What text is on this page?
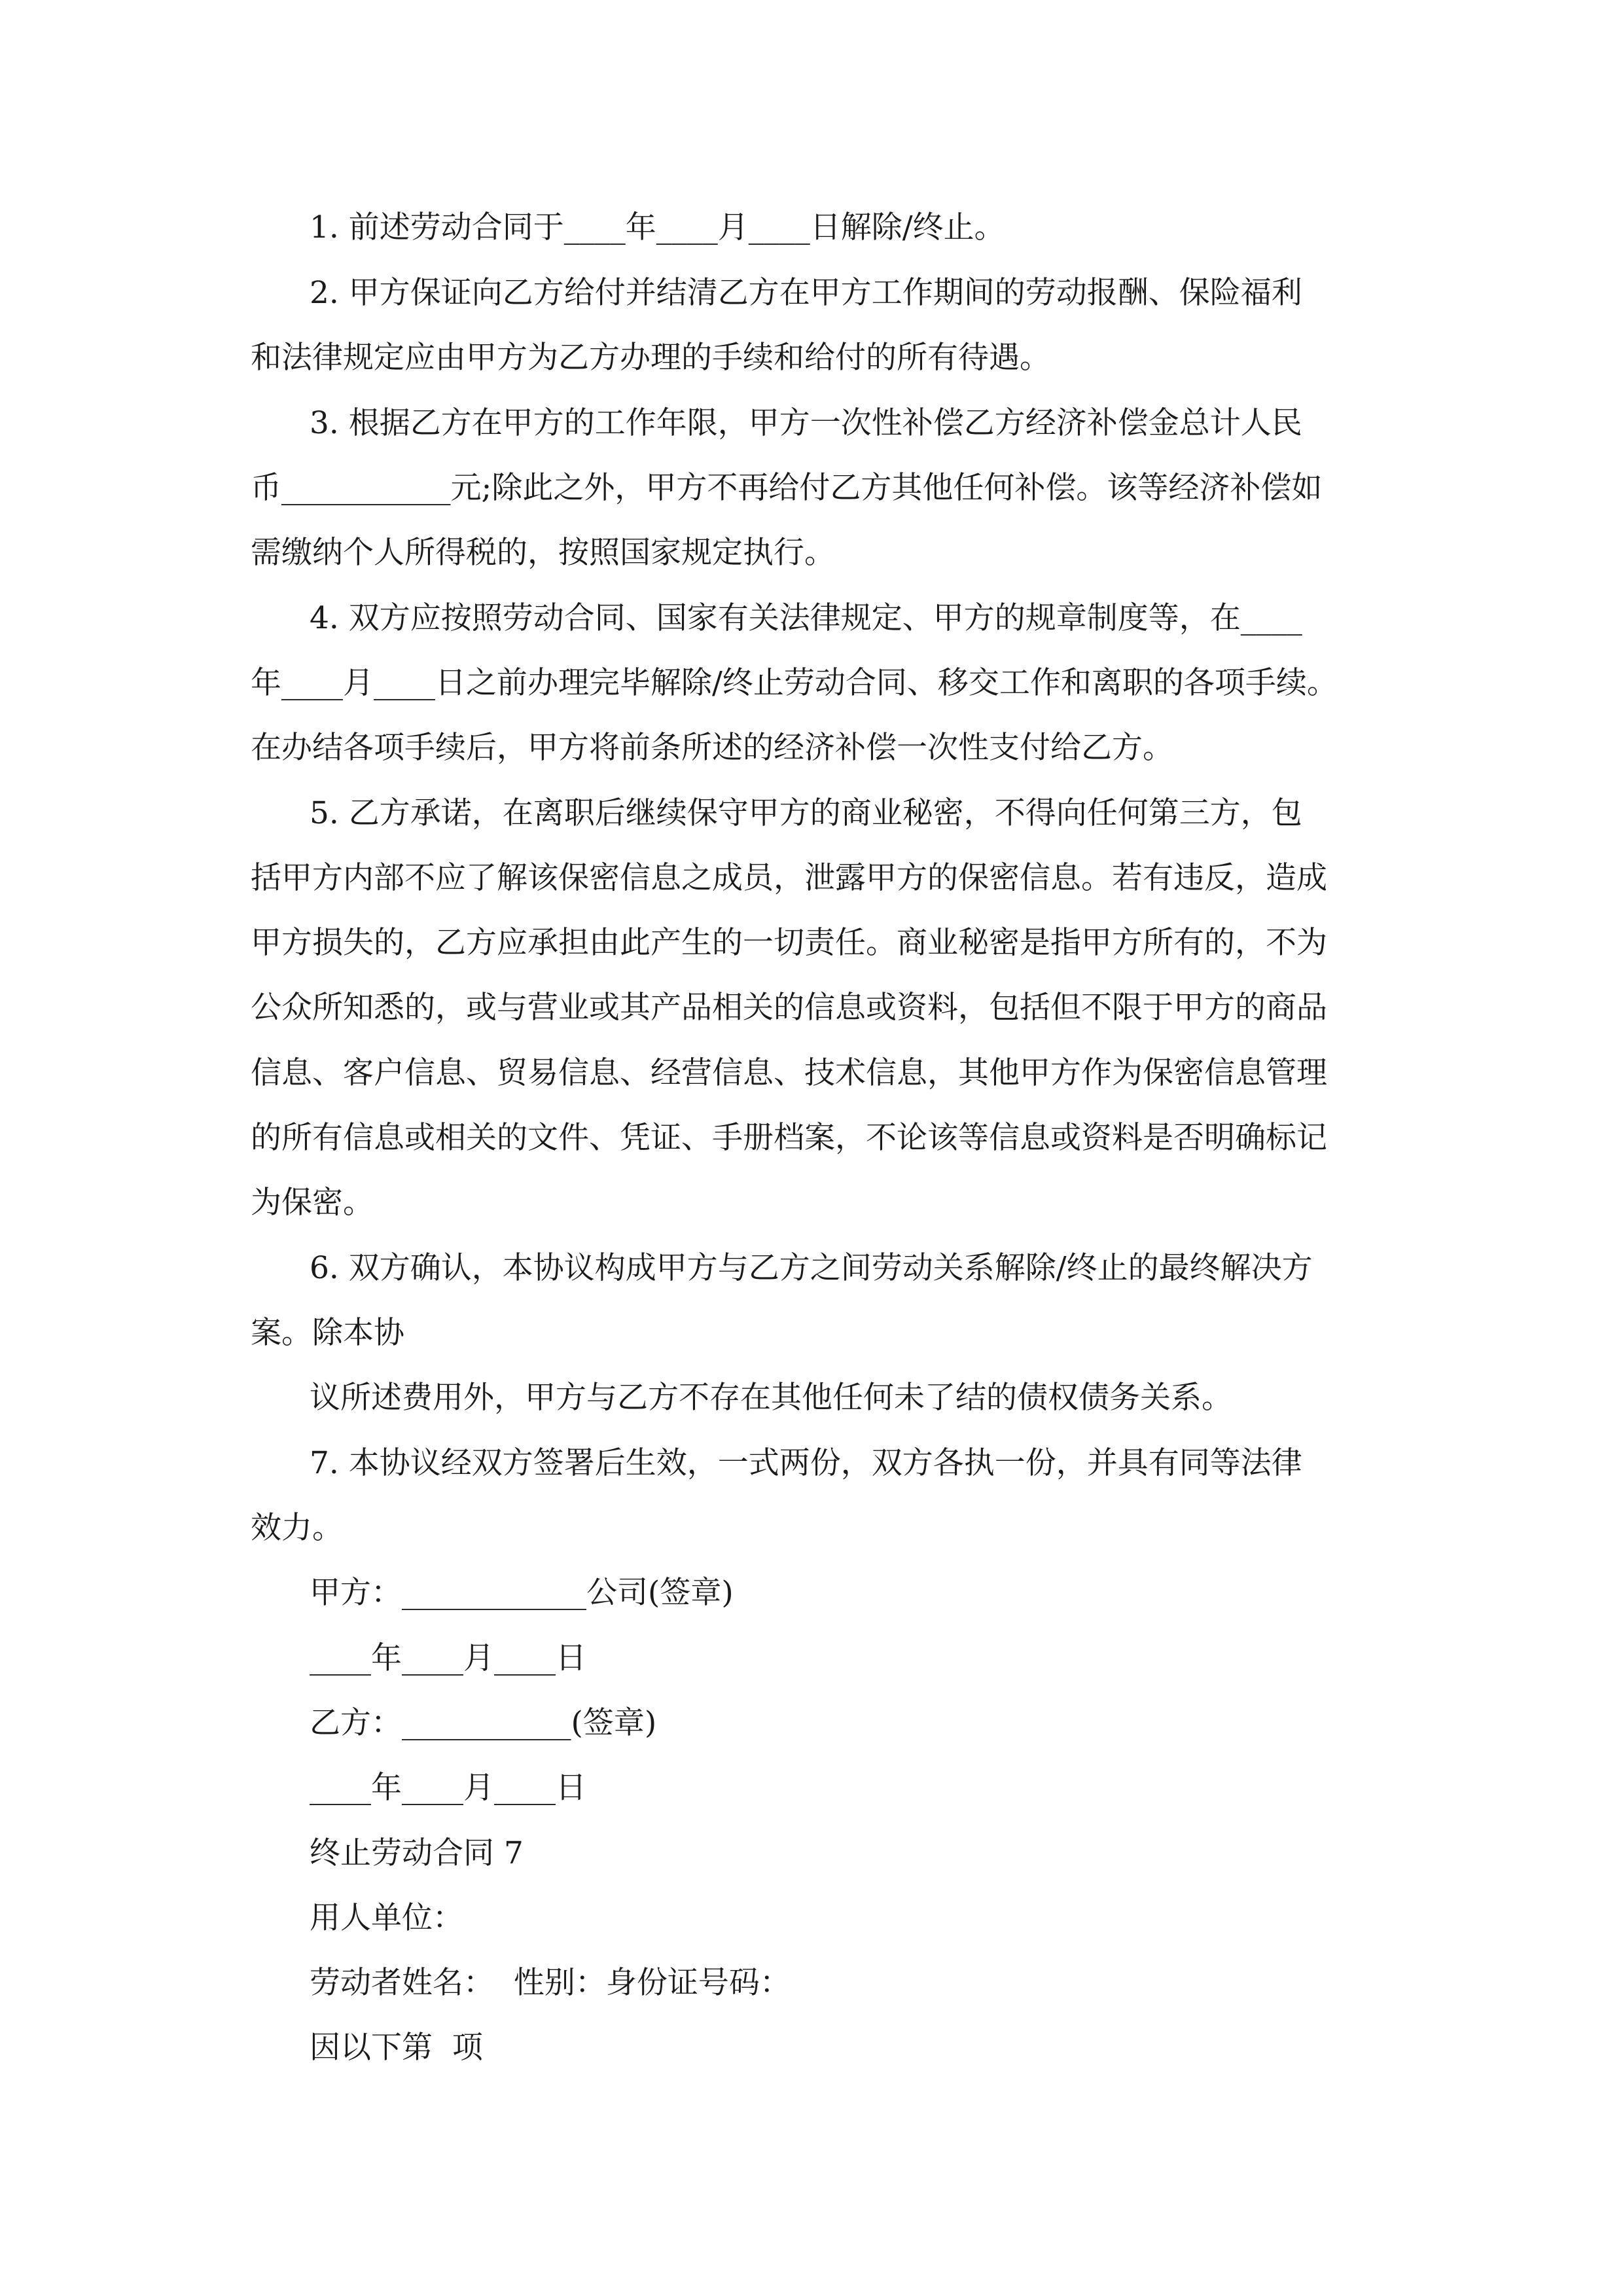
1. 前述劳动合同于____年____月____日解除/终止。
2. 甲方保证向乙方给付并结清乙方在甲方工作期间的劳动报酬、保险福利
和法律规定应由甲方为乙方办理的手续和给付的所有待遇。
3. 根据乙方在甲方的工作年限，甲方一次性补偿乙方经济补偿金总计人民
币___________元;除此之外，甲方不再给付乙方其他任何补偿。该等经济补偿如
需缴纳个人所得税的，按照国家规定执行。
4. 双方应按照劳动合同、国家有关法律规定、甲方的规章制度等，在____
年____月____日之前办理完毕解除/终止劳动合同、移交工作和离职的各项手续。
在办结各项手续后，甲方将前条所述的经济补偿一次性支付给乙方。
5. 乙方承诺，在离职后继续保守甲方的商业秘密，不得向任何第三方，包
括甲方内部不应了解该保密信息之成员，泄露甲方的保密信息。若有违反，造成
甲方损失的，乙方应承担由此产生的一切责任。商业秘密是指甲方所有的，不为
公众所知悉的，或与营业或其产品相关的信息或资料，包括但不限于甲方的商品
信息、客户信息、贸易信息、经营信息、技术信息，其他甲方作为保密信息管理
的所有信息或相关的文件、凭证、手册档案，不论该等信息或资料是否明确标记
为保密。
6. 双方确认，本协议构成甲方与乙方之间劳动关系解除/终止的最终解决方
案。除本协
议所述费用外，甲方与乙方不存在其他任何未了结的债权债务关系。
7. 本协议经双方签署后生效，一式两份，双方各执一份，并具有同等法律
效力。
甲方：____________公司(签章)
____年____月____日
乙方：___________(签章)
____年____月____日
终止劳动合同 7
用人单位：
劳动者姓名：  性别：身份证号码：
因以下第  项
